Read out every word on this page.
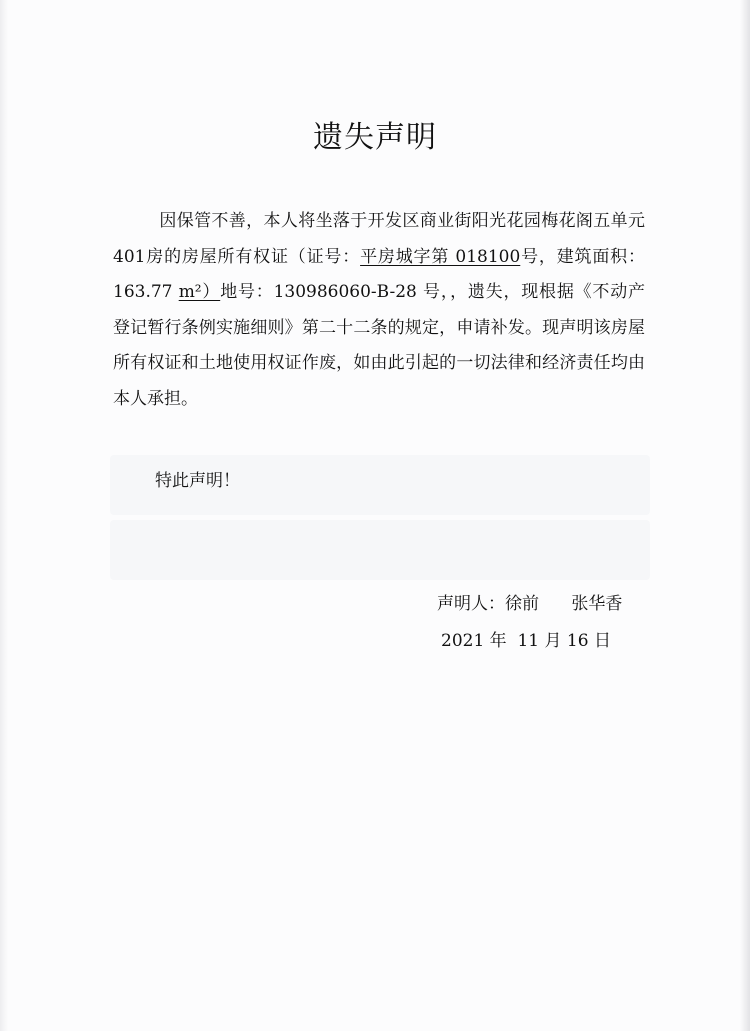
遗失声明
因保管不善，本人将坐落于开发区商业街阳光花园梅花阁五单元401房的房屋所有权证（证号：平房城字第 018100号，建筑面积：163.77 m²）地号：130986060-B-28 号，，遗失，现根据《不动产登记暂行条例实施细则》第二十二条的规定，申请补发。现声明该房屋所有权证和土地使用权证作废，如由此引起的一切法律和经济责任均由本人承担。
特此声明！
声明人：徐前      张华香
2021 年  11 月 16 日
